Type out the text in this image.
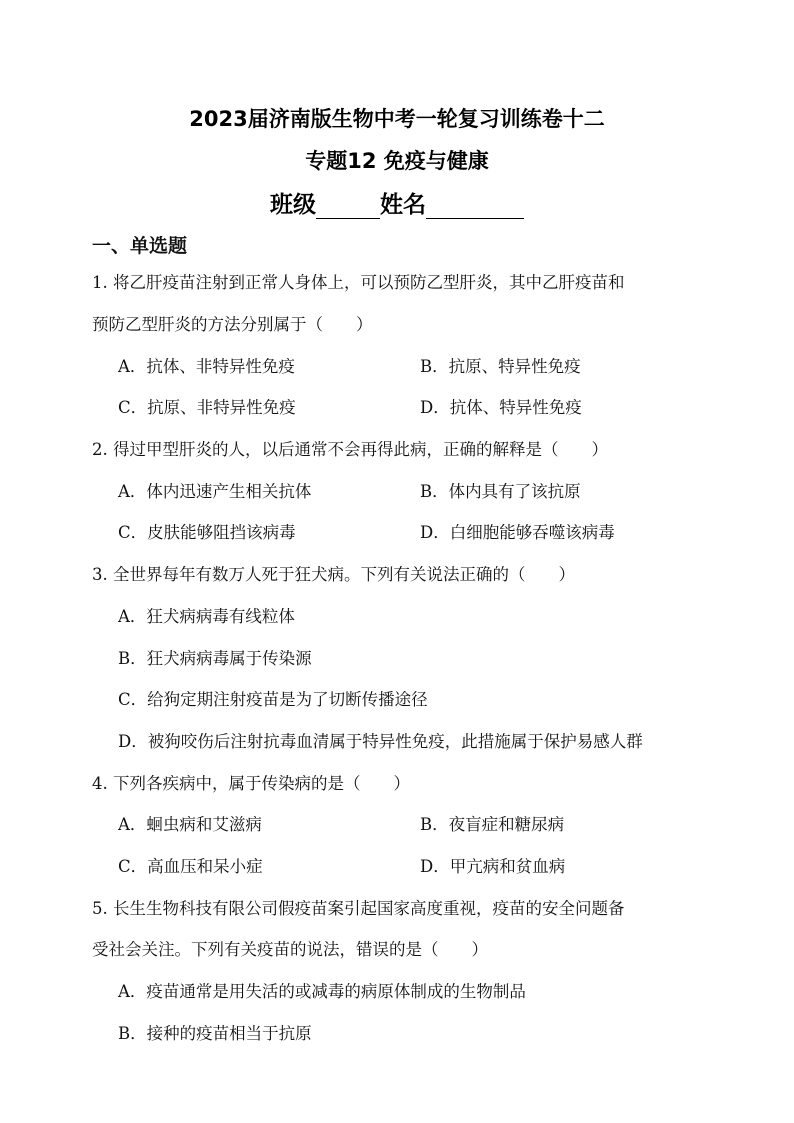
2023届济南版生物中考一轮复习训练卷十二
专题12 免疫与健康
班级	姓名
一、单选题
1. 将乙肝疫苗注射到正常人身体上，可以预防乙型肝炎，其中乙肝疫苗和
预防乙型肝炎的方法分别属于（　　）
A．抗体、非特异性免疫	B．抗原、特异性免疫
C．抗原、非特异性免疫	D．抗体、特异性免疫
2. 得过甲型肝炎的人，以后通常不会再得此病，正确的解释是（　　）
A．体内迅速产生相关抗体	B．体内具有了该抗原
C．皮肤能够阻挡该病毒	D．白细胞能够吞噬该病毒
3. 全世界每年有数万人死于狂犬病。下列有关说法正确的（　　）
A．狂犬病病毒有线粒体
B．狂犬病病毒属于传染源
C．给狗定期注射疫苗是为了切断传播途径
D．被狗咬伤后注射抗毒血清属于特异性免疫，此措施属于保护易感人群
4. 下列各疾病中，属于传染病的是（　　）
A．蛔虫病和艾滋病	B．夜盲症和糖尿病
C．高血压和呆小症	D．甲亢病和贫血病
5. 长生生物科技有限公司假疫苗案引起国家高度重视，疫苗的安全问题备
受社会关注。下列有关疫苗的说法，错误的是（　　）
A．疫苗通常是用失活的或减毒的病原体制成的生物制品
B．接种的疫苗相当于抗原
